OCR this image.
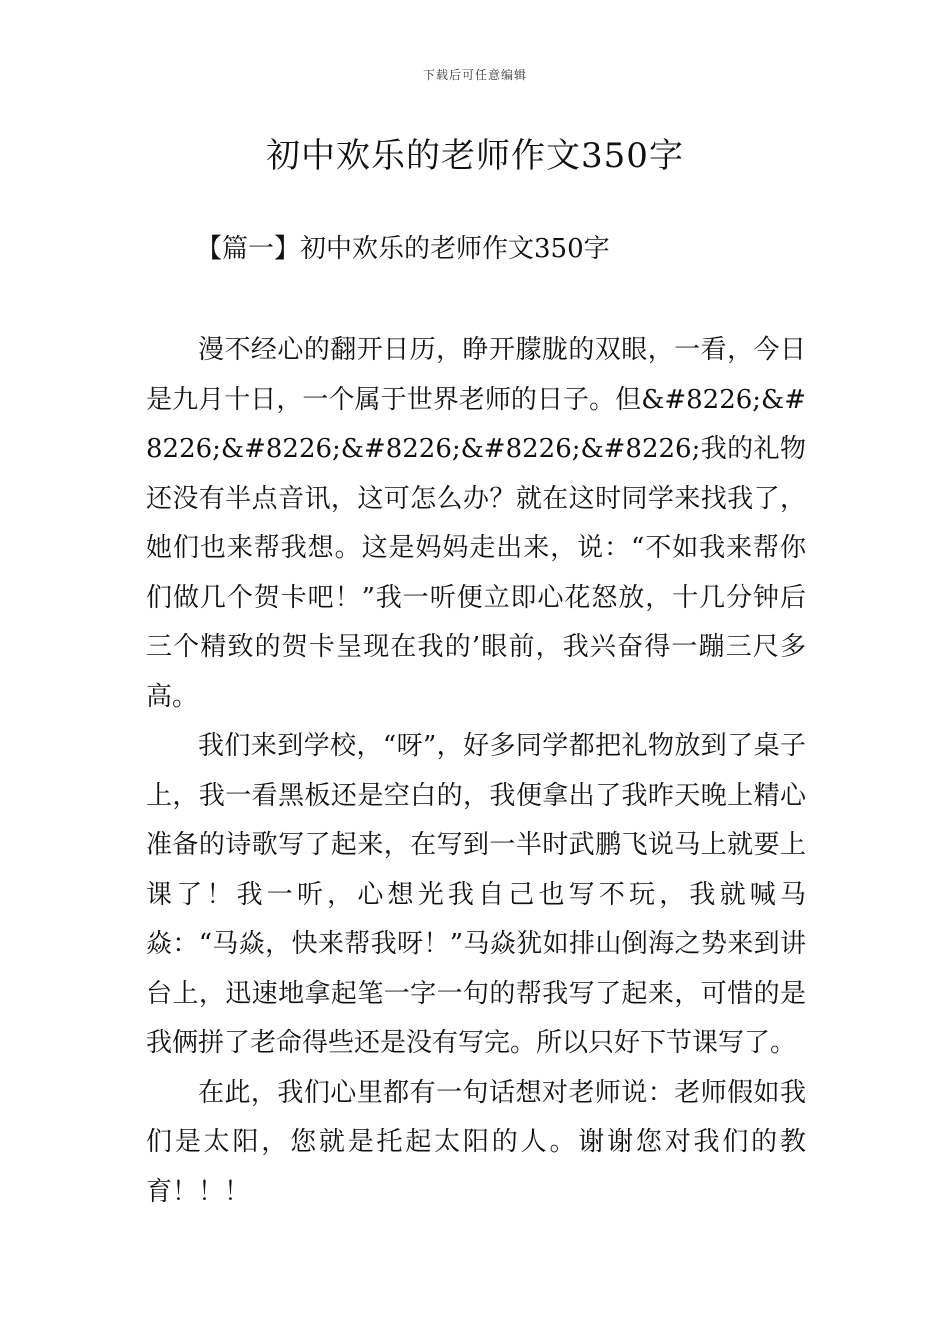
下载后可任意编辑
初中欢乐的老师作文350字
【篇一】初中欢乐的老师作文350字

漫不经心的翻开日历，睁开朦胧的双眼，一看，今日是九月十日，一个属于世界老师的日子。但&#8226;&#8226;&#8226;&#8226;&#8226;&#8226;我的礼物还没有半点音讯，这可怎么办？就在这时同学来找我了，她们也来帮我想。这是妈妈走出来，说：“不如我来帮你们做几个贺卡吧！”我一听便立即心花怒放，十几分钟后三个精致的贺卡呈现在我的’眼前，我兴奋得一蹦三尺多高。

我们来到学校，“呀”，好多同学都把礼物放到了桌子上，我一看黑板还是空白的，我便拿出了我昨天晚上精心准备的诗歌写了起来，在写到一半时武鹏飞说马上就要上课了！我一听，心想光我自己也写不玩，我就喊马焱：“马焱，快来帮我呀！”马焱犹如排山倒海之势来到讲台上，迅速地拿起笔一字一句的帮我写了起来，可惜的是我俩拼了老命得些还是没有写完。所以只好下节课写了。

在此，我们心里都有一句话想对老师说：老师假如我们是太阳，您就是托起太阳的人。谢谢您对我们的教育！！！
